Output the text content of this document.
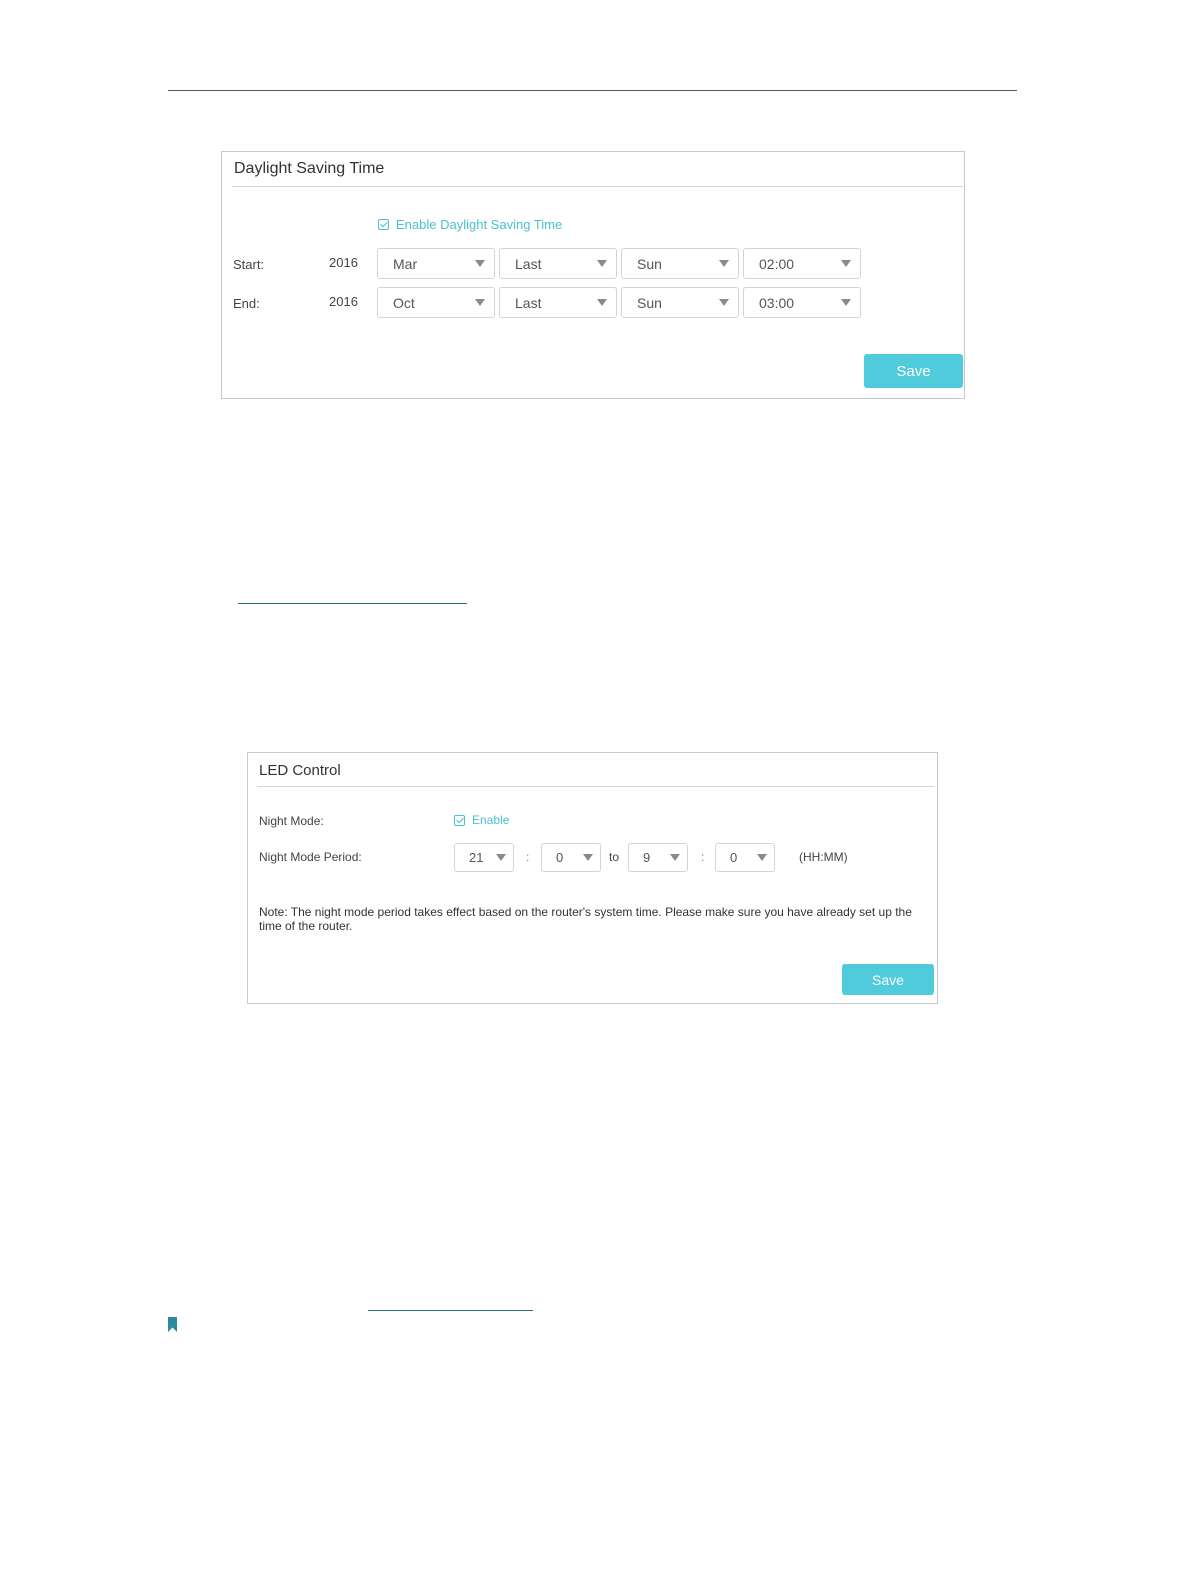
Daylight Saving Time
Enable Daylight Saving Time
Start:	2016	Mar	Last	Sun	02:00
End:	2016	Oct	Last	Sun	03:00
Save
LED Control
Night Mode:	Enable
Night Mode Period:	21	:	0	to	9	:	0	(HH:MM)
Note: The night mode period takes effect based on the router's system time. Please make sure you have already set up the time of the router.
Save
